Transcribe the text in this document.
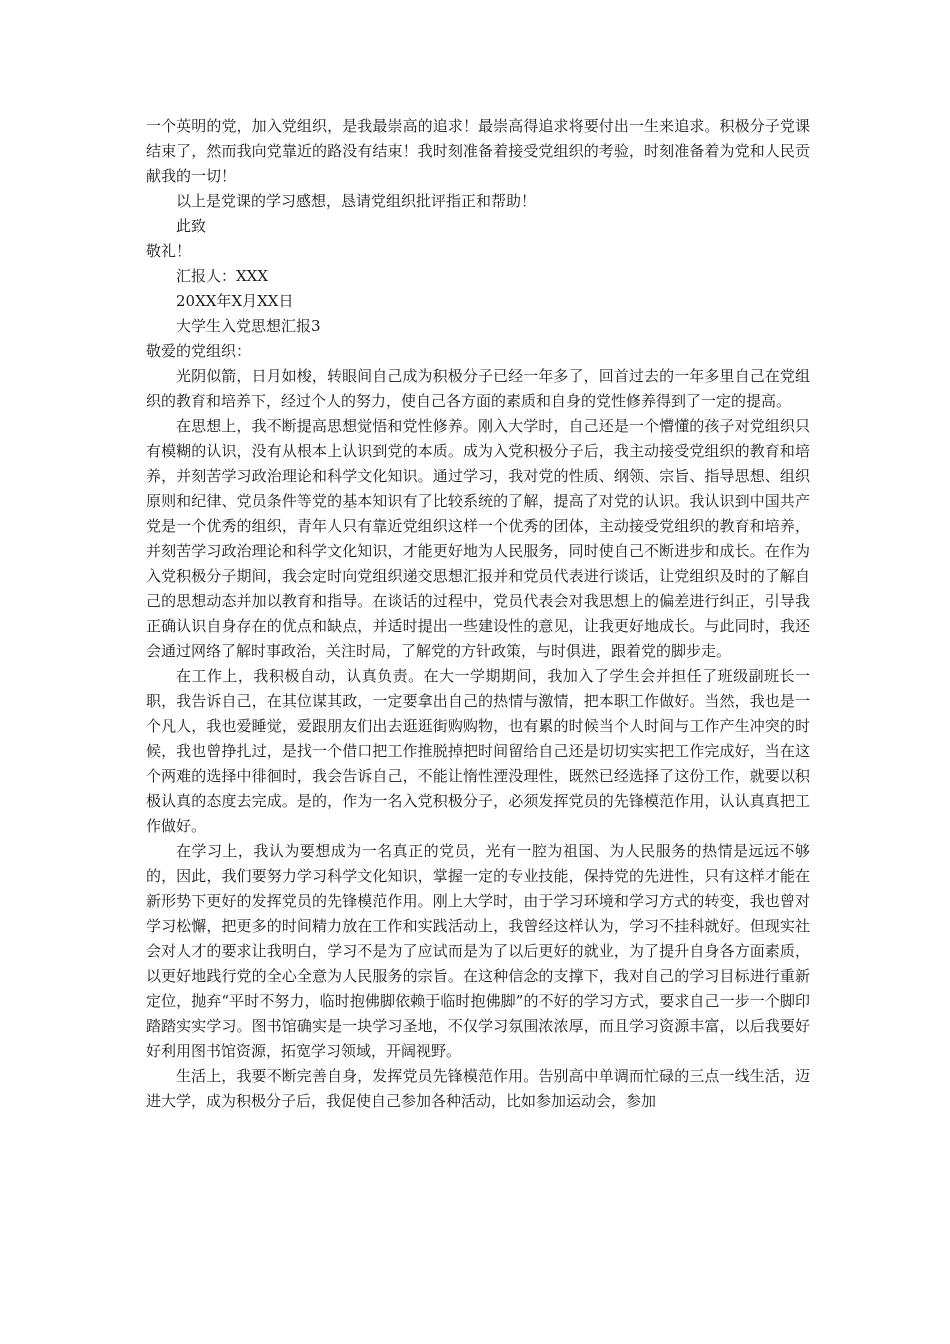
一个英明的党，加入党组织，是我最崇高的追求！最崇高得追求将要付出一生来追求。积极分子党课结束了，然而我向党靠近的路没有结束！我时刻准备着接受党组织的考验，时刻准备着为党和人民贡献我的一切！

以上是党课的学习感想，恳请党组织批评指正和帮助！

此致

敬礼！

汇报人：XXX

20XX年X月XX日

大学生入党思想汇报3

敬爱的党组织：

光阴似箭，日月如梭，转眼间自己成为积极分子已经一年多了，回首过去的一年多里自己在党组织的教育和培养下，经过个人的努力，使自己各方面的素质和自身的党性修养得到了一定的提高。

在思想上，我不断提高思想觉悟和党性修养。刚入大学时，自己还是一个懵懂的孩子对党组织只有模糊的认识，没有从根本上认识到党的本质。成为入党积极分子后，我主动接受党组织的教育和培养，并刻苦学习政治理论和科学文化知识。通过学习，我对党的性质、纲领、宗旨、指导思想、组织原则和纪律、党员条件等党的基本知识有了比较系统的了解，提高了对党的认识。我认识到中国共产党是一个优秀的组织，青年人只有靠近党组织这样一个优秀的团体，主动接受党组织的教育和培养，并刻苦学习政治理论和科学文化知识，才能更好地为人民服务，同时使自己不断进步和成长。在作为入党积极分子期间，我会定时向党组织递交思想汇报并和党员代表进行谈话，让党组织及时的了解自己的思想动态并加以教育和指导。在谈话的过程中，党员代表会对我思想上的偏差进行纠正，引导我正确认识自身存在的优点和缺点，并适时提出一些建设性的意见，让我更好地成长。与此同时，我还会通过网络了解时事政治，关注时局，了解党的方针政策，与时俱进，跟着党的脚步走。

在工作上，我积极自动，认真负责。在大一学期期间，我加入了学生会并担任了班级副班长一职，我告诉自己，在其位谋其政，一定要拿出自己的热情与激情，把本职工作做好。当然，我也是一个凡人，我也爱睡觉，爱跟朋友们出去逛逛街购购物，也有累的时候当个人时间与工作产生冲突的时候，我也曾挣扎过，是找一个借口把工作推脱掉把时间留给自己还是切切实实把工作完成好，当在这个两难的选择中徘徊时，我会告诉自己，不能让惰性湮没理性，既然已经选择了这份工作，就要以积极认真的态度去完成。是的，作为一名入党积极分子，必须发挥党员的先锋模范作用，认认真真把工作做好。

在学习上，我认为要想成为一名真正的党员，光有一腔为祖国、为人民服务的热情是远远不够的，因此，我们要努力学习科学文化知识，掌握一定的专业技能，保持党的先进性，只有这样才能在新形势下更好的发挥党员的先锋模范作用。刚上大学时，由于学习环境和学习方式的转变，我也曾对学习松懈，把更多的时间精力放在工作和实践活动上，我曾经这样认为，学习不挂科就好。但现实社会对人才的要求让我明白，学习不是为了应试而是为了以后更好的就业，为了提升自身各方面素质，以更好地践行党的全心全意为人民服务的宗旨。在这种信念的支撑下，我对自己的学习目标进行重新定位，抛弃“平时不努力，临时抱佛脚依赖于临时抱佛脚”的不好的学习方式，要求自己一步一个脚印踏踏实实学习。图书馆确实是一块学习圣地，不仅学习氛围浓浓厚，而且学习资源丰富，以后我要好好利用图书馆资源，拓宽学习领域，开阔视野。

生活上，我要不断完善自身，发挥党员先锋模范作用。告别高中单调而忙碌的三点一线生活，迈进大学，成为积极分子后，我促使自己参加各种活动，比如参加运动会，参加
